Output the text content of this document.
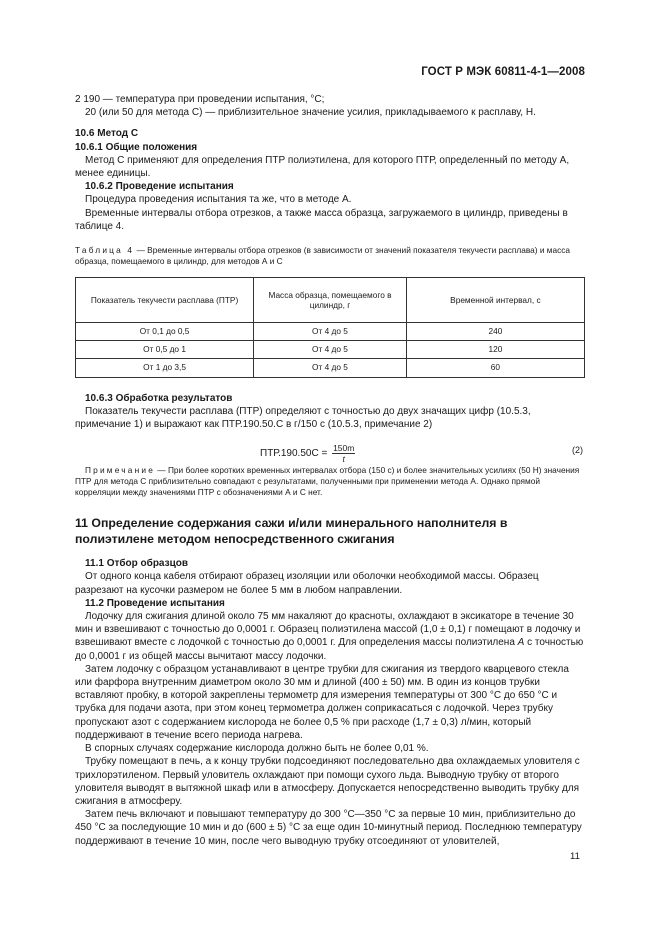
ГОСТ Р МЭК 60811-4-1—2008

2 190 — температура при проведении испытания, °С;

20 (или 50 для метода С) — приблизительное значение усилия, прикладываемого к расплаву, Н.

10.6 Метод С

10.6.1 Общие положения

Метод С применяют для определения ПТР полиэтилена, для которого ПТР, определенный по методу А, менее единицы.

10.6.2 Проведение испытания

Процедура проведения испытания та же, что в методе А.

Временные интервалы отбора отрезков, а также масса образца, загружаемого в цилиндр, приведены в таблице 4.

Таблица 4 — Временные интервалы отбора отрезков (в зависимости от значений показателя текучести расплава) и масса образца, помещаемого в цилиндр, для методов А и С

Показатель текучести расплава (ПТР)	Масса образца, помещаемого в цилиндр, г	Временной интервал, с
От 0,1 до 0,5	От 4 до 5	240
От 0,5 до 1	От 4 до 5	120
От 1 до 3,5	От 4 до 5	60

10.6.3 Обработка результатов

Показатель текучести расплава (ПТР) определяют с точностью до двух значащих цифр (10.5.3, примечание 1) и выражают как ПТР.190.50.С в г/150 с (10.5.3, примечание 2)

$ПТР.190.50С = \frac{150m}{t}$	(2)

Примечание — При более коротких временных интервалах отбора (150 с) и более значительных усилиях (50 Н) значения ПТР для метода С приблизительно совпадают с результатами, полученными при применении метода А. Однако прямой корреляции между значениями ПТР с обозначениями А и С нет.

11 Определение содержания сажи и/или минерального наполнителя в полиэтилене методом непосредственного сжигания

11.1 Отбор образцов

От одного конца кабеля отбирают образец изоляции или оболочки необходимой массы. Образец разрезают на кусочки размером не более 5 мм в любом направлении.

11.2 Проведение испытания

Лодочку для сжигания длиной около 75 мм накаляют до красноты, охлаждают в эксикаторе в течение 30 мин и взвешивают с точностью до 0,0001 г. Образец полиэтилена массой (1,0 ± 0,1) г помещают в лодочку и взвешивают вместе с лодочкой с точностью до 0,0001 г. Для определения массы полиэтилена А с точностью до 0,0001 г из общей массы вычитают массу лодочки.

Затем лодочку с образцом устанавливают в центре трубки для сжигания из твердого кварцевого стекла или фарфора внутренним диаметром около 30 мм и длиной (400 ± 50) мм. В один из концов трубки вставляют пробку, в которой закреплены термометр для измерения температуры от 300 °С до 650 °С и трубка для подачи азота, при этом конец термометра должен соприкасаться с лодочкой. Через трубку пропускают азот с содержанием кислорода не более 0,5 % при расходе (1,7 ± 0,3) л/мин, который поддерживают в течение всего периода нагрева.

В спорных случаях содержание кислорода должно быть не более 0,01 %.

Трубку помещают в печь, а к концу трубки подсоединяют последовательно два охлаждаемых уловителя с трихлорэтиленом. Первый уловитель охлаждают при помощи сухого льда. Выводную трубку от второго уловителя выводят в вытяжной шкаф или в атмосферу. Допускается непосредственно выводить трубку для сжигания в атмосферу.

Затем печь включают и повышают температуру до 300 °С—350 °С за первые 10 мин, приблизительно до 450 °С за последующие 10 мин и до (600 ± 5) °С за еще один 10-минутный период. Последнюю температуру поддерживают в течение 10 мин, после чего выводную трубку отсоединяют от уловителей,

11
